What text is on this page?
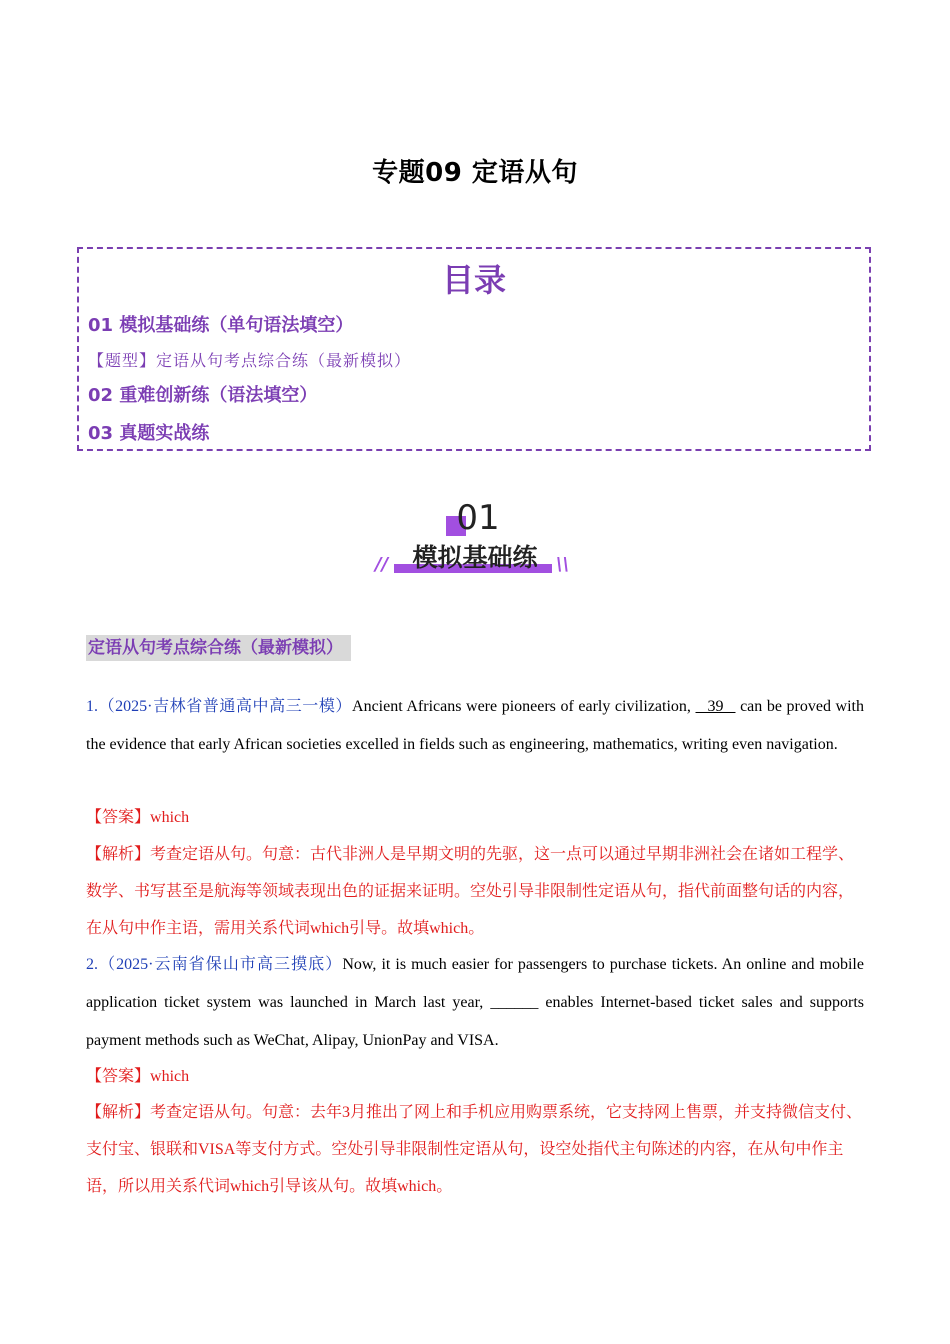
专题09 定语从句
目录
01 模拟基础练（单句语法填空）
【题型】定语从句考点综合练（最新模拟）
02 重难创新练（语法填空）
03 真题实战练
01
模拟基础练
//	\\
定语从句考点综合练（最新模拟）
1.（2025·吉林省普通高中高三一模）Ancient Africans were pioneers of early civilization,    39    can be proved with the evidence that early African societies excelled in fields such as engineering, mathematics, writing even navigation.
【答案】which
【解析】考查定语从句。句意：古代非洲人是早期文明的先驱，这一点可以通过早期非洲社会在诸如工程学、数学、书写甚至是航海等领域表现出色的证据来证明。空处引导非限制性定语从句，指代前面整句话的内容，在从句中作主语，需用关系代词which引导。故填which。
2.（2025·云南省保山市高三摸底）Now, it is much easier for passengers to purchase tickets. An online and mobile application ticket system was launched in March last year, ______ enables Internet-based ticket sales and supports payment methods such as WeChat, Alipay, UnionPay and VISA.
【答案】which
【解析】考查定语从句。句意：去年3月推出了网上和手机应用购票系统，它支持网上售票，并支持微信支付、支付宝、银联和VISA等支付方式。空处引导非限制性定语从句，设空处指代主句陈述的内容，在从句中作主语，所以用关系代词which引导该从句。故填which。
